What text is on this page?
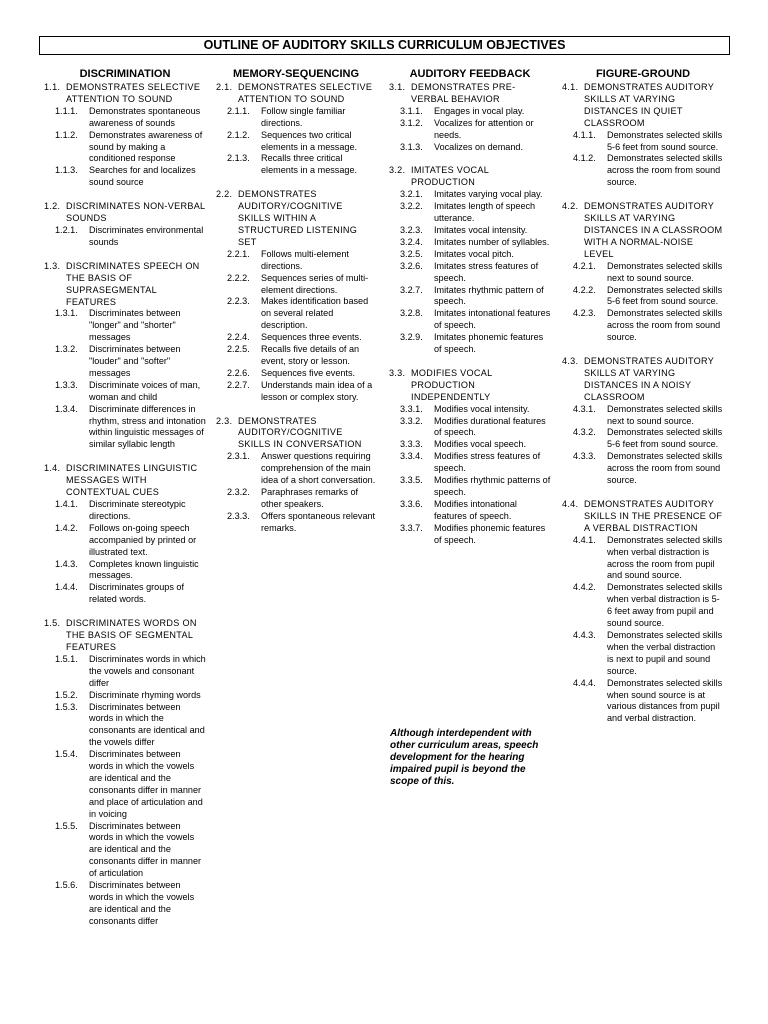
OUTLINE OF AUDITORY SKILLS CURRICULUM OBJECTIVES
DISCRIMINATION
1.1. DEMONSTRATES SELECTIVE ATTENTION TO SOUND
1.1.1.	Demonstrates spontaneous awareness of sounds
1.1.2.	Demonstrates awareness of sound by making a conditioned response
1.1.3.	Searches for and localizes sound source
1.2. DISCRIMINATES NON-VERBAL SOUNDS
1.2.1.	Discriminates environmental sounds
1.3. DISCRIMINATES SPEECH ON THE BASIS OF SUPRASEGMENTAL FEATURES
1.3.1.	Discriminates between "longer" and "shorter" messages
1.3.2.	Discriminates between "louder" and "softer" messages
1.3.3.	Discriminate voices of man, woman and child
1.3.4.	Discriminate differences in rhythm, stress and intonation within linguistic messages of similar syllabic length
1.4. DISCRIMINATES LINGUISTIC MESSAGES WITH CONTEXTUAL CUES
1.4.1.	Discriminate stereotypic directions.
1.4.2.	Follows on-going speech accompanied by printed or illustrated text.
1.4.3.	Completes known linguistic messages.
1.4.4.	Discriminates groups of related words.
1.5. DISCRIMINATES WORDS ON THE BASIS OF SEGMENTAL FEATURES
1.5.1.	Discriminates words in which the vowels and consonant differ
1.5.2.	Discriminate rhyming words
1.5.3.	Discriminates between words in which the consonants are identical and the vowels differ
1.5.4.	Discriminates between words in which the vowels are identical and the consonants differ in manner and place of articulation and in voicing
1.5.5.	Discriminates between words in which the vowels are identical and the consonants differ in manner of articulation
1.5.6.	Discriminates between words in which the vowels are identical and the consonants differ
MEMORY-SEQUENCING
2.1. DEMONSTRATES SELECTIVE ATTENTION TO SOUND
2.1.1.	Follow single familiar directions.
2.1.2.	Sequences two critical elements in a message.
2.1.3.	Recalls three critical elements in a message.
2.2. DEMONSTRATES AUDITORY/COGNITIVE SKILLS WITHIN A STRUCTURED LISTENING SET
2.2.1.	Follows multi-element directions.
2.2.2.	Sequences series of multi-element directions.
2.2.3.	Makes identification based on several related description.
2.2.4.	Sequences three events.
2.2.5.	Recalls five details of an event, story or lesson.
2.2.6.	Sequences five events.
2.2.7.	Understands main idea of a lesson or complex story.
2.3. DEMONSTRATES AUDITORY/COGNITIVE SKILLS IN CONVERSATION
2.3.1.	Answer questions requiring comprehension of the main idea of a short conversation.
2.3.2.	Paraphrases remarks of other speakers.
2.3.3.	Offers spontaneous relevant remarks.
AUDITORY FEEDBACK
3.1. DEMONSTRATES PRE-VERBAL BEHAVIOR
3.1.1.	Engages in vocal play.
3.1.2.	Vocalizes for attention or needs.
3.1.3.	Vocalizes on demand.
3.2. IMITATES VOCAL PRODUCTION
3.2.1.	Imitates varying vocal play.
3.2.2.	Imitates length of speech utterance.
3.2.3.	Imitates vocal intensity.
3.2.4.	Imitates number of syllables.
3.2.5.	Imitates vocal pitch.
3.2.6.	Imitates stress features of speech.
3.2.7.	Imitates rhythmic pattern of speech.
3.2.8.	Imitates intonational features of speech.
3.2.9.	Imitates phonemic features of speech.
3.3. MODIFIES VOCAL PRODUCTION INDEPENDENTLY
3.3.1.	Modifies vocal intensity.
3.3.2.	Modifies durational features of speech.
3.3.3.	Modifies vocal speech.
3.3.4.	Modifies stress features of speech.
3.3.5.	Modifies rhythmic patterns of speech.
3.3.6.	Modifies intonational features of speech.
3.3.7.	Modifies phonemic features of speech.
FIGURE-GROUND
4.1. DEMONSTRATES AUDITORY SKILLS AT VARYING DISTANCES IN QUIET CLASSROOM
4.1.1.	Demonstrates selected skills 5-6 feet from sound source.
4.1.2.	Demonstrates selected skills across the room from sound source.
4.2. DEMONSTRATES AUDITORY SKILLS AT VARYING DISTANCES IN A CLASSROOM WITH A NORMAL-NOISE LEVEL
4.2.1.	Demonstrates selected skills next to sound source.
4.2.2.	Demonstrates selected skills 5-6 feet from sound source.
4.2.3.	Demonstrates selected skills across the room from sound source.
4.3. DEMONSTRATES AUDITORY SKILLS AT VARYING DISTANCES IN A NOISY CLASSROOM
4.3.1.	Demonstrates selected skills next to sound source.
4.3.2.	Demonstrates selected skills 5-6 feet from sound source.
4.3.3.	Demonstrates selected skills across the room from sound source.
4.4. DEMONSTRATES AUDITORY SKILLS IN THE PRESENCE OF A VERBAL DISTRACTION
4.4.1.	Demonstrates selected skills when verbal distraction is across the room from pupil and sound source.
4.4.2.	Demonstrates selected skills when verbal distraction is 5-6 feet away from pupil and sound source.
4.4.3.	Demonstrates selected skills when the verbal distraction is next to pupil and sound source.
4.4.4.	Demonstrates selected skills when sound source is at various distances from pupil and verbal distraction.
Although interdependent with other curriculum areas, speech development for the hearing impaired pupil is beyond the scope of this.
